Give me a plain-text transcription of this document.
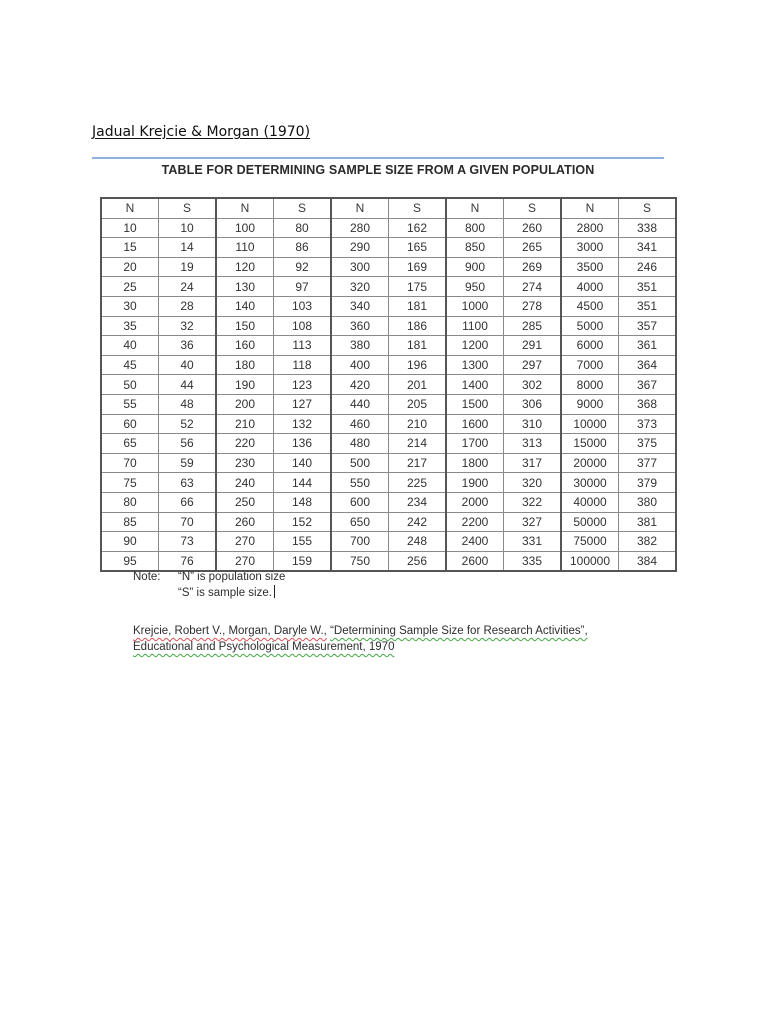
Jadual Krejcie & Morgan (1970)
TABLE FOR DETERMINING SAMPLE SIZE FROM A GIVEN POPULATION
N	S	N	S	N	S	N	S	N	S
10	10	100	80	280	162	800	260	2800	338
15	14	110	86	290	165	850	265	3000	341
20	19	120	92	300	169	900	269	3500	246
25	24	130	97	320	175	950	274	4000	351
30	28	140	103	340	181	1000	278	4500	351
35	32	150	108	360	186	1100	285	5000	357
40	36	160	113	380	181	1200	291	6000	361
45	40	180	118	400	196	1300	297	7000	364
50	44	190	123	420	201	1400	302	8000	367
55	48	200	127	440	205	1500	306	9000	368
60	52	210	132	460	210	1600	310	10000	373
65	56	220	136	480	214	1700	313	15000	375
70	59	230	140	500	217	1800	317	20000	377
75	63	240	144	550	225	1900	320	30000	379
80	66	250	148	600	234	2000	322	40000	380
85	70	260	152	650	242	2200	327	50000	381
90	73	270	155	700	248	2400	331	75000	382
95	76	270	159	750	256	2600	335	100000	384
Note: “N” is population size
“S” is sample size.
Krejcie, Robert V., Morgan, Daryle W., “Determining Sample Size for Research Activities”,
Educational and Psychological Measurement, 1970
